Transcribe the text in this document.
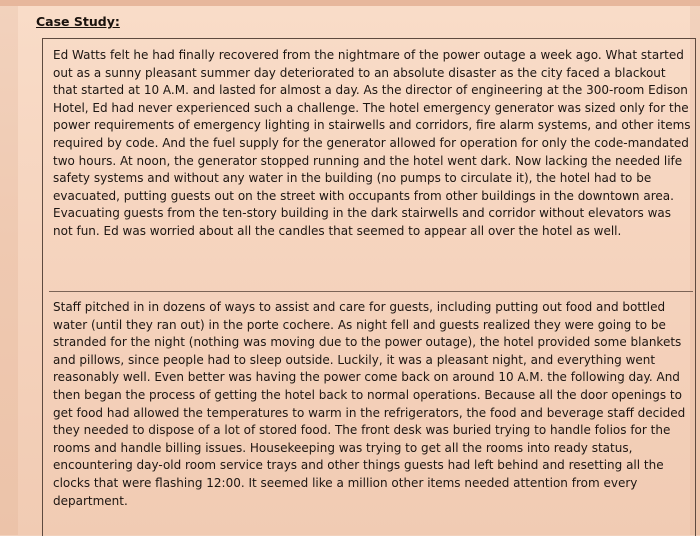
Case Study:

Ed Watts felt he had finally recovered from the nightmare of the power outage a week ago. What started out as a sunny pleasant summer day deteriorated to an absolute disaster as the city faced a blackout that started at 10 A.M. and lasted for almost a day. As the director of engineering at the 300-room Edison Hotel, Ed had never experienced such a challenge. The hotel emergency generator was sized only for the power requirements of emergency lighting in stairwells and corridors, fire alarm systems, and other items required by code. And the fuel supply for the generator allowed for operation for only the code-mandated two hours. At noon, the generator stopped running and the hotel went dark. Now lacking the needed life safety systems and without any water in the building (no pumps to circulate it), the hotel had to be evacuated, putting guests out on the street with occupants from other buildings in the downtown area. Evacuating guests from the ten-story building in the dark stairwells and corridor without elevators was not fun. Ed was worried about all the candles that seemed to appear all over the hotel as well.

Staff pitched in in dozens of ways to assist and care for guests, including putting out food and bottled water (until they ran out) in the porte cochere. As night fell and guests realized they were going to be stranded for the night (nothing was moving due to the power outage), the hotel provided some blankets and pillows, since people had to sleep outside. Luckily, it was a pleasant night, and everything went reasonably well. Even better was having the power come back on around 10 A.M. the following day. And then began the process of getting the hotel back to normal operations. Because all the door openings to get food had allowed the temperatures to warm in the refrigerators, the food and beverage staff decided they needed to dispose of a lot of stored food. The front desk was buried trying to handle folios for the rooms and handle billing issues. Housekeeping was trying to get all the rooms into ready status, encountering day-old room service trays and other things guests had left behind and resetting all the clocks that were flashing 12:00. It seemed like a million other items needed attention from every department.
